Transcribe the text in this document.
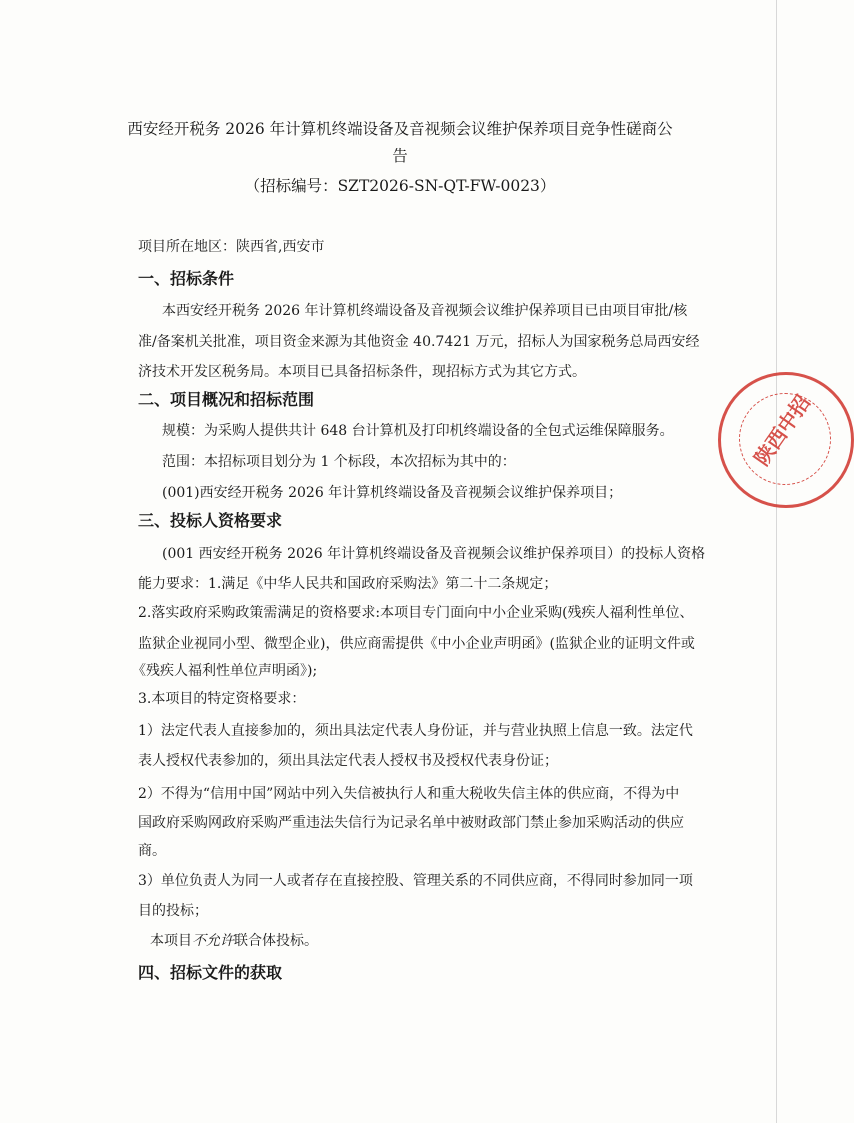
西安经开税务 2026 年计算机终端设备及音视频会议维护保养项目竞争性磋商公
告
（招标编号：SZT2026-SN-QT-FW-0023）
项目所在地区：陕西省,西安市
一、招标条件
本西安经开税务 2026 年计算机终端设备及音视频会议维护保养项目已由项目审批/核
准/备案机关批准，项目资金来源为其他资金 40.7421 万元，招标人为国家税务总局西安经
济技术开发区税务局。本项目已具备招标条件，现招标方式为其它方式。
二、项目概况和招标范围
规模：为采购人提供共计 648 台计算机及打印机终端设备的全包式运维保障服务。
范围：本招标项目划分为 1 个标段，本次招标为其中的：
(001)西安经开税务 2026 年计算机终端设备及音视频会议维护保养项目；
三、投标人资格要求
(001 西安经开税务 2026 年计算机终端设备及音视频会议维护保养项目）的投标人资格
能力要求：1.满足《中华人民共和国政府采购法》第二十二条规定；
2.落实政府采购政策需满足的资格要求:本项目专门面向中小企业采购(残疾人福利性单位、
监狱企业视同小型、微型企业)，供应商需提供《中小企业声明函》(监狱企业的证明文件或
《残疾人福利性单位声明函》);
3.本项目的特定资格要求：
1）法定代表人直接参加的，须出具法定代表人身份证，并与营业执照上信息一致。法定代
表人授权代表参加的，须出具法定代表人授权书及授权代表身份证；
2）不得为“信用中国”网站中列入失信被执行人和重大税收失信主体的供应商，不得为中
国政府采购网政府采购严重违法失信行为记录名单中被财政部门禁止参加采购活动的供应
商。
3）单位负责人为同一人或者存在直接控股、管理关系的不同供应商，不得同时参加同一项
目的投标；
本项目不允许联合体投标。
四、招标文件的获取
陕西中招
